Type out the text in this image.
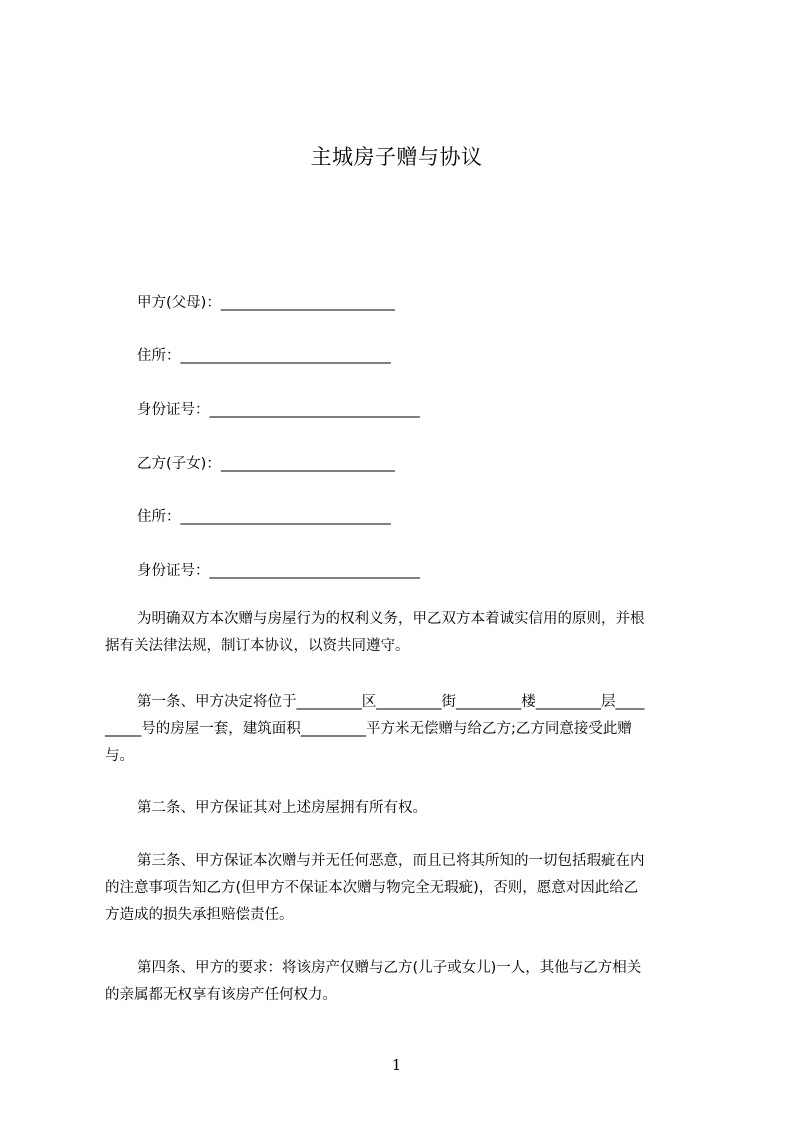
主城房子赠与协议
甲方(父母)：________________________
住所：_____________________________
身份证号：_____________________________
乙方(子女)：________________________
住所：_____________________________
身份证号：_____________________________
为明确双方本次赠与房屋行为的权利义务，甲乙双方本着诚实信用的原则，并根
据有关法律法规，制订本协议，以资共同遵守。
第一条、甲方决定将位于_________区_________街_________楼_________层____
_____号的房屋一套，建筑面积_________平方米无偿赠与给乙方;乙方同意接受此赠
与。
第二条、甲方保证其对上述房屋拥有所有权。
第三条、甲方保证本次赠与并无任何恶意，而且已将其所知的一切包括瑕疵在内
的注意事项告知乙方(但甲方不保证本次赠与物完全无瑕疵)，否则，愿意对因此给乙
方造成的损失承担赔偿责任。
第四条、甲方的要求：将该房产仅赠与乙方(儿子或女儿)一人，其他与乙方相关
的亲属都无权享有该房产任何权力。
1
